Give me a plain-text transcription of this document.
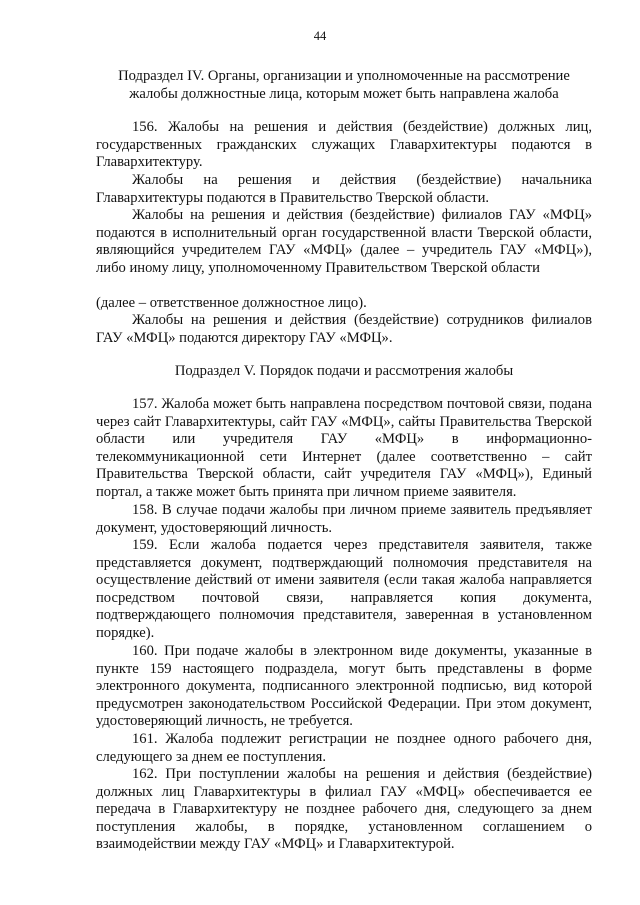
44

Подраздел IV. Органы, организации и уполномоченные на рассмотрение

жалобы должностные лица, которым может быть направлена жалоба

156. Жалобы на решения и действия (бездействие) должных лиц, государственных гражданских служащих Главархитектуры подаются в Главархитектуру.

Жалобы на решения и действия (бездействие) начальника Главархитектуры подаются в Правительство Тверской области.

Жалобы на решения и действия (бездействие) филиалов ГАУ «МФЦ» подаются в исполнительный орган государственной власти Тверской области, являющийся учредителем ГАУ «МФЦ» (далее – учредитель ГАУ «МФЦ»), либо иному лицу, уполномоченному Правительством Тверской области

(далее – ответственное должностное лицо).

Жалобы на решения и действия (бездействие) сотрудников филиалов ГАУ «МФЦ» подаются директору ГАУ «МФЦ».

Подраздел V. Порядок подачи и рассмотрения жалобы

157. Жалоба может быть направлена посредством почтовой связи, подана через сайт Главархитектуры, сайт ГАУ «МФЦ», сайты Правительства Тверской области или учредителя ГАУ «МФЦ» в информационно-телекоммуникационной сети Интернет (далее соответственно – сайт Правительства Тверской области, сайт учредителя ГАУ «МФЦ»), Единый портал, а также может быть принята при личном приеме заявителя.

158. В случае подачи жалобы при личном приеме заявитель предъявляет документ, удостоверяющий личность.

159. Если жалоба подается через представителя заявителя, также представляется документ, подтверждающий полномочия представителя на осуществление действий от имени заявителя (если такая жалоба направляется посредством почтовой связи, направляется копия документа, подтверждающего полномочия представителя, заверенная в установленном порядке).

160. При подаче жалобы в электронном виде документы, указанные в пункте 159 настоящего подраздела, могут быть представлены в форме электронного документа, подписанного электронной подписью, вид которой предусмотрен законодательством Российской Федерации. При этом документ, удостоверяющий личность, не требуется.

161. Жалоба подлежит регистрации не позднее одного рабочего дня, следующего за днем ее поступления.

162. При поступлении жалобы на решения и действия (бездействие) должных лиц Главархитектуры в филиал ГАУ «МФЦ» обеспечивается ее передача в Главархитектуру не позднее рабочего дня, следующего за днем поступления жалобы, в порядке, установленном соглашением о взаимодействии между ГАУ «МФЦ» и Главархитектурой.
